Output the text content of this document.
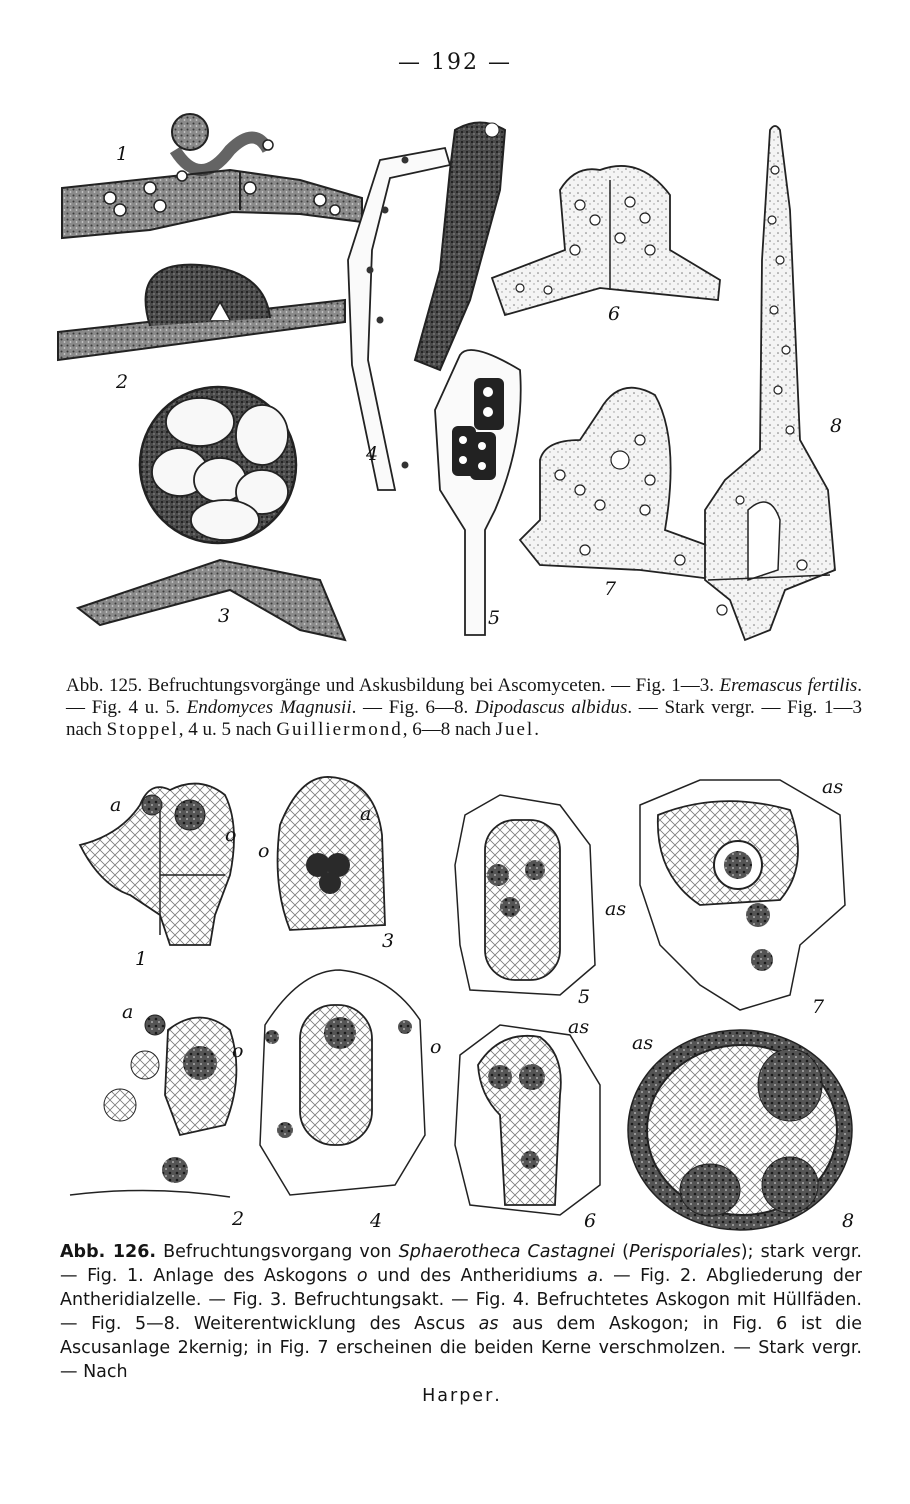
— 192 —
1
2
3
4
5
6
7
8
Abb. 125. Befruchtungsvorgänge und Askusbildung bei Ascomyceten. — Fig. 1—3. Eremascus fertilis. — Fig. 4 u. 5. Endomyces Magnusii. — Fig. 6—8. Dipodascus albidus. — Stark vergr. — Fig. 1—3 nach Stoppel, 4 u. 5 nach Guilliermond, 6—8 nach Juel.
a
o
1
a
o
3
as
5
as
7
a
o
2
o
4
as
6
as
8
Abb. 126. Befruchtungsvorgang von Sphaerotheca Castagnei (Perisporiales); stark vergr. — Fig. 1. Anlage des Askogons o und des Antheridiums a. — Fig. 2. Abgliederung der Antheridialzelle. — Fig. 3. Befruchtungsakt. — Fig. 4. Befruchtetes Askogon mit Hüllfäden. — Fig. 5—8. Weiterentwicklung des Ascus as aus dem Askogon; in Fig. 6 ist die Ascusanlage 2kernig; in Fig. 7 erscheinen die beiden Kerne verschmolzen. — Stark vergr. — Nach
Harper.
